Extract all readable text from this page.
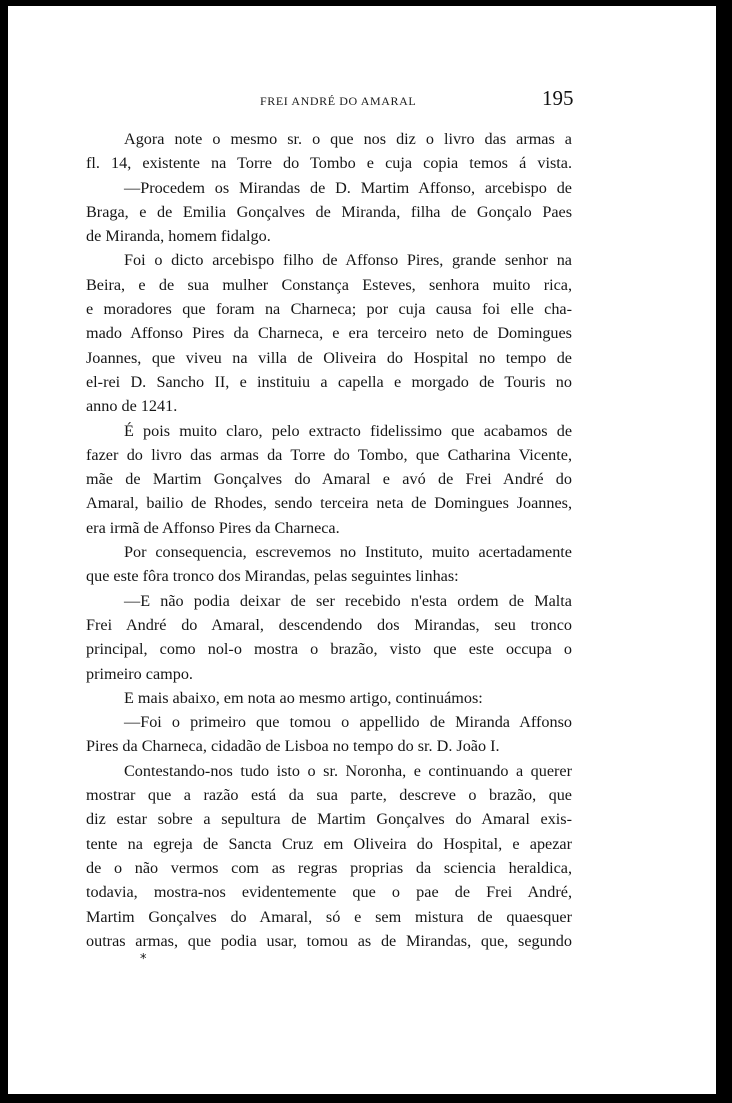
FREI ANDRÉ DO AMARAL	195
Agora note o mesmo sr. o que nos diz o livro das armas a
fl. 14, existente na Torre do Tombo e cuja copia temos á vista.
—Procedem os Mirandas de D. Martim Affonso, arcebispo de
Braga, e de Emilia Gonçalves de Miranda, filha de Gonçalo Paes
de Miranda, homem fidalgo.
Foi o dicto arcebispo filho de Affonso Pires, grande senhor na
Beira, e de sua mulher Constança Esteves, senhora muito rica,
e moradores que foram na Charneca; por cuja causa foi elle cha-
mado Affonso Pires da Charneca, e era terceiro neto de Domingues
Joannes, que viveu na villa de Oliveira do Hospital no tempo de
el-rei D. Sancho II, e instituiu a capella e morgado de Touris no
anno de 1241.
É pois muito claro, pelo extracto fidelissimo que acabamos de
fazer do livro das armas da Torre do Tombo, que Catharina Vicente,
mãe de Martim Gonçalves do Amaral e avó de Frei André do
Amaral, bailio de Rhodes, sendo terceira neta de Domingues Joannes,
era irmã de Affonso Pires da Charneca.
Por consequencia, escrevemos no Instituto, muito acertadamente
que este fôra tronco dos Mirandas, pelas seguintes linhas:
—E não podia deixar de ser recebido n'esta ordem de Malta
Frei André do Amaral, descendendo dos Mirandas, seu tronco
principal, como nol-o mostra o brazão, visto que este occupa o
primeiro campo.
E mais abaixo, em nota ao mesmo artigo, continuámos:
—Foi o primeiro que tomou o appellido de Miranda Affonso
Pires da Charneca, cidadão de Lisboa no tempo do sr. D. João I.
Contestando-nos tudo isto o sr. Noronha, e continuando a querer
mostrar que a razão está da sua parte, descreve o brazão, que
diz estar sobre a sepultura de Martim Gonçalves do Amaral exis-
tente na egreja de Sancta Cruz em Oliveira do Hospital, e apezar
de o não vermos com as regras proprias da sciencia heraldica,
todavia, mostra-nos evidentemente que o pae de Frei André,
Martim Gonçalves do Amaral, só e sem mistura de quaesquer
outras armas, que podia usar, tomou as de Mirandas, que, segundo
*
